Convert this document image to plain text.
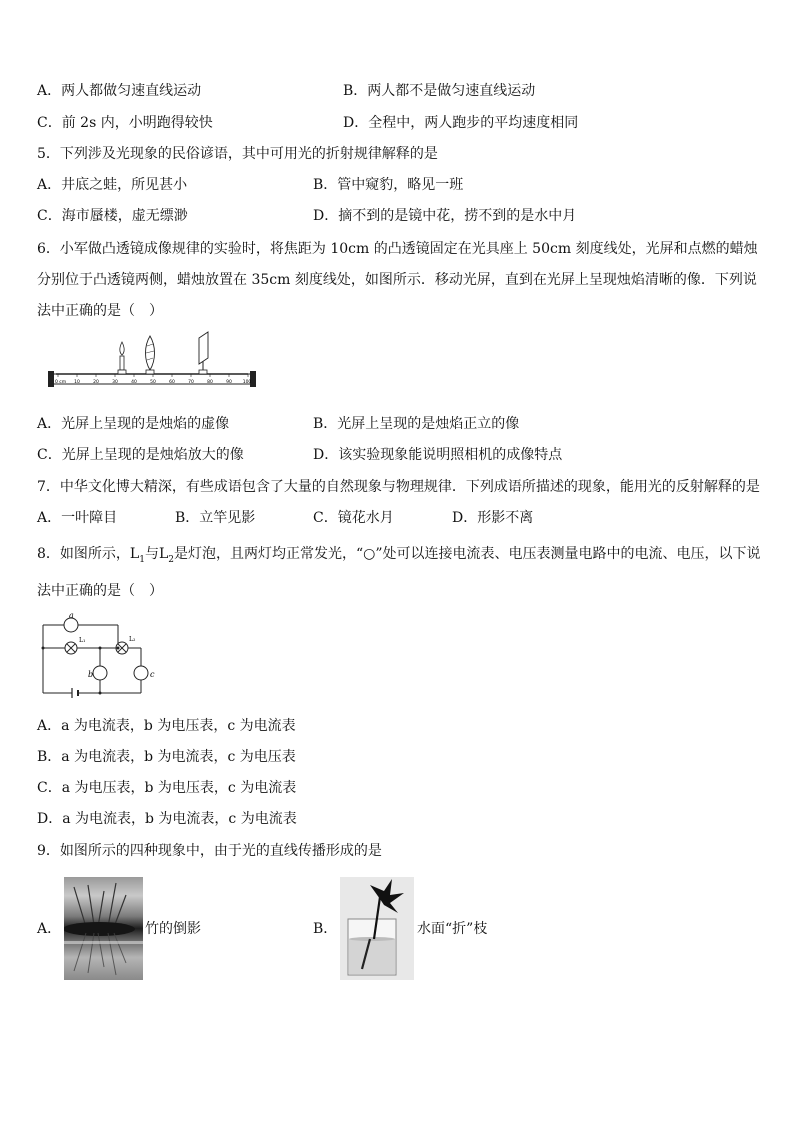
A．两人都做匀速直线运动	B．两人都不是做匀速直线运动
C．前 2s 内，小明跑得较快	D．全程中，两人跑步的平均速度相同
5．下列涉及光现象的民俗谚语，其中可用光的折射规律解释的是
A．井底之蛙，所见甚小	B．管中窥豹，略见一班
C．海市蜃楼，虚无缥渺	D．摘不到的是镜中花，捞不到的是水中月
6．小军做凸透镜成像规律的实验时，将焦距为 10cm 的凸透镜固定在光具座上 50cm 刻度线处，光屏和点燃的蜡烛分别位于凸透镜两侧，蜡烛放置在 35cm 刻度线处，如图所示．移动光屏，直到在光屏上呈现烛焰清晰的像．下列说法中正确的是（　）
0 cm 10	20	30	40	50	60	70	80	90 100
A．光屏上呈现的是烛焰的虚像	B．光屏上呈现的是烛焰正立的像
C．光屏上呈现的是烛焰放大的像	D．该实验现象能说明照相机的成像特点
7．中华文化博大精深，有些成语包含了大量的自然现象与物理规律．下列成语所描述的现象，能用光的反射解释的是
A．一叶障目	B．立竿见影	C．镜花水月	D．形影不离
8．如图所示，$L_1$与$L_2$是灯泡，且两灯均正常发光，“○”处可以连接电流表、电压表测量电路中的电流、电压，以下说法中正确的是（　）
a
L₁	L₂
b	c
A．a 为电流表，b 为电压表，c 为电流表
B．a 为电流表，b 为电流表，c 为电压表
C．a 为电压表，b 为电压表，c 为电流表
D．a 为电流表，b 为电流表，c 为电流表
9．如图所示的四种现象中，由于光的直线传播形成的是
A．	竹的倒影	B．	水面“折”枝
